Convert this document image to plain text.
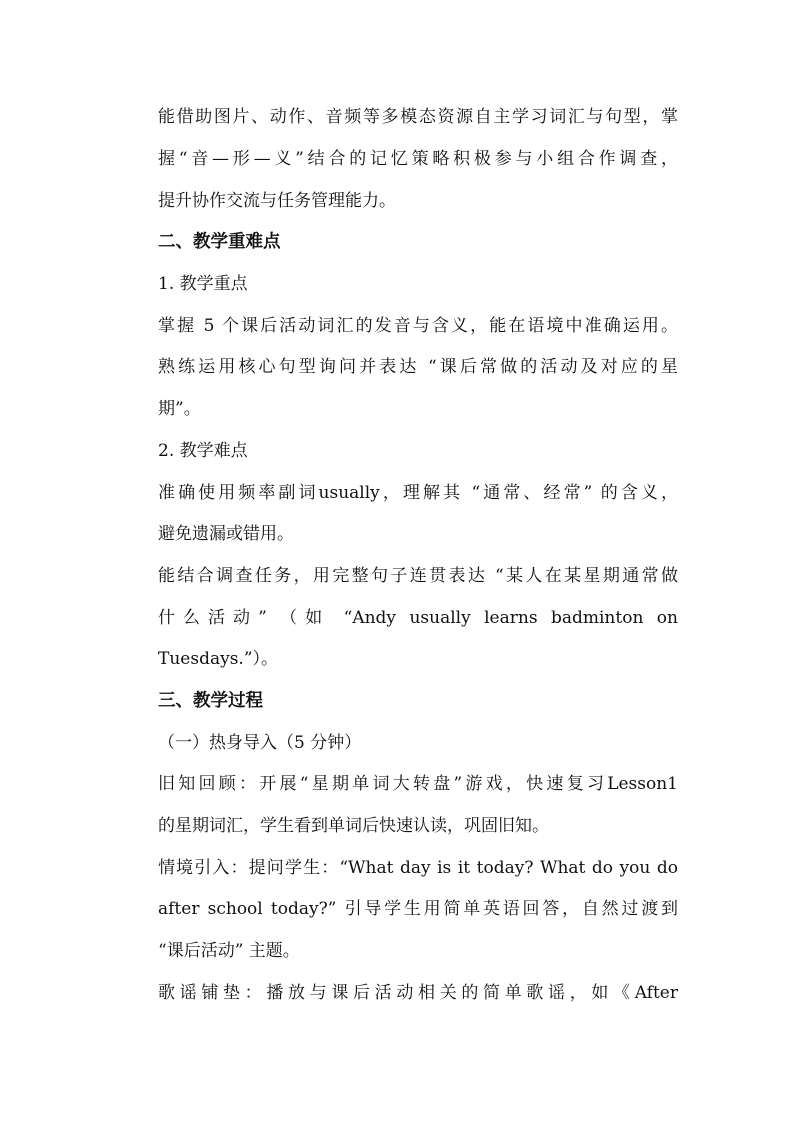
能借助图片、动作、音频等多模态资源自主学习词汇与句型，掌
握“音—形—义”结合的记忆策略积极参与小组合作调查，
提升协作交流与任务管理能力。
二、教学重难点
1. 教学重点
掌握 5 个课后活动词汇的发音与含义，能在语境中准确运用。
熟练运用核心句型询问并表达 “课后常做的活动及对应的星
期”。
2. 教学难点
准确使用频率副词usually，理解其 “通常、经常” 的含义，
避免遗漏或错用。
能结合调查任务，用完整句子连贯表达 “某人在某星期通常做
什么活动” （如 “Andy usually learns badminton on
Tuesdays.”）。
三、教学过程
（一）热身导入（5 分钟）
旧知回顾：开展“星期单词大转盘”游戏，快速复习Lesson1
的星期词汇，学生看到单词后快速认读，巩固旧知。
情境引入：提问学生：“What day is it today? What do you do
after school today?” 引导学生用简单英语回答，自然过渡到
“课后活动” 主题。
歌谣铺垫：播放与课后活动相关的简单歌谣，如《After
